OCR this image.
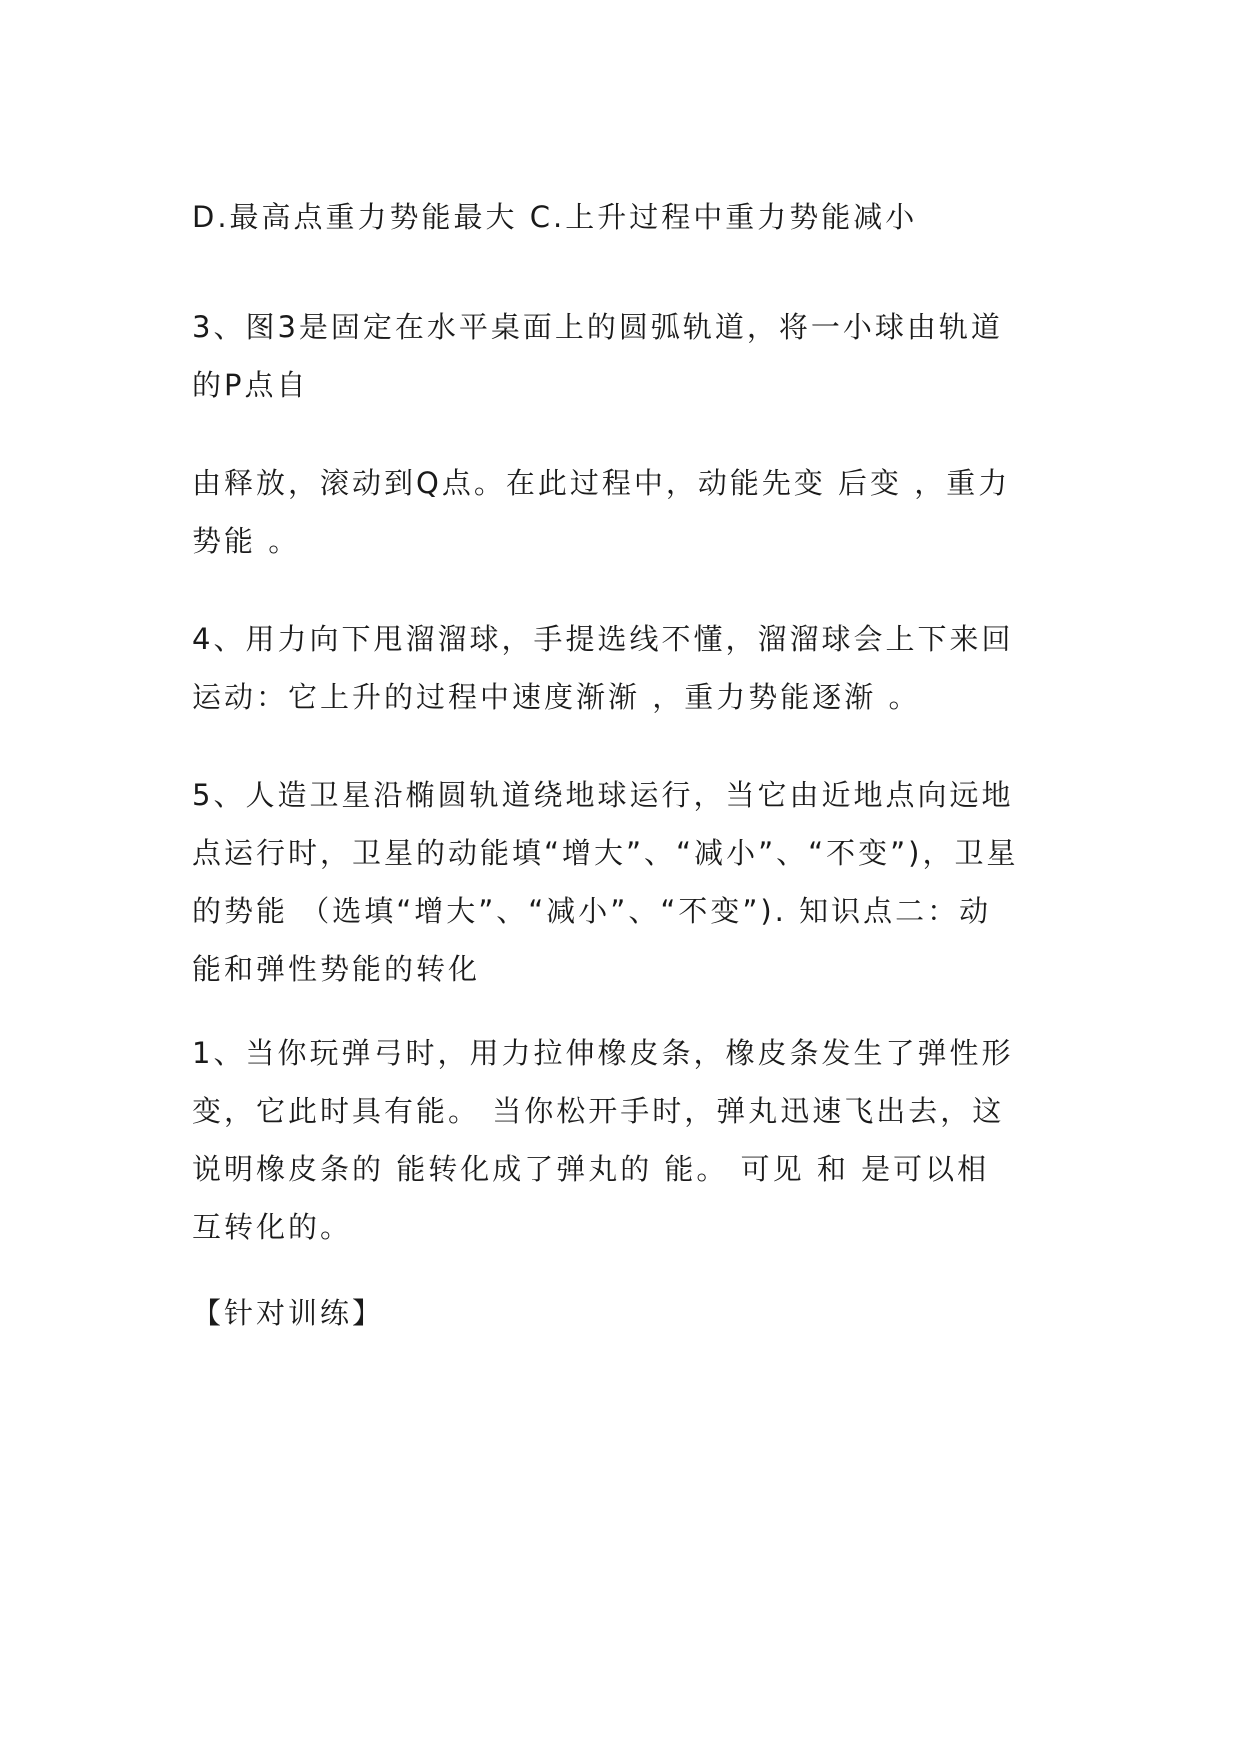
D.最高点重力势能最大 C.上升过程中重力势能减小

3、图3是固定在水平桌面上的圆弧轨道，将一小球由轨道
的P点自

由释放，滚动到Q点。在此过程中，动能先变 后变 ，重力
势能 。

4、用力向下甩溜溜球，手提选线不懂，溜溜球会上下来回
运动：它上升的过程中速度渐渐 ，重力势能逐渐 。

5、人造卫星沿椭圆轨道绕地球运行，当它由近地点向远地
点运行时，卫星的动能填“增大”、“减小”、“不变”)，卫星
的势能 （选填“增大”、“减小”、“不变”). 知识点二：动
能和弹性势能的转化

1、当你玩弹弓时，用力拉伸橡皮条，橡皮条发生了弹性形
变，它此时具有能。 当你松开手时，弹丸迅速飞出去，这
说明橡皮条的 能转化成了弹丸的 能。 可见 和 是可以相
互转化的。

【针对训练】
